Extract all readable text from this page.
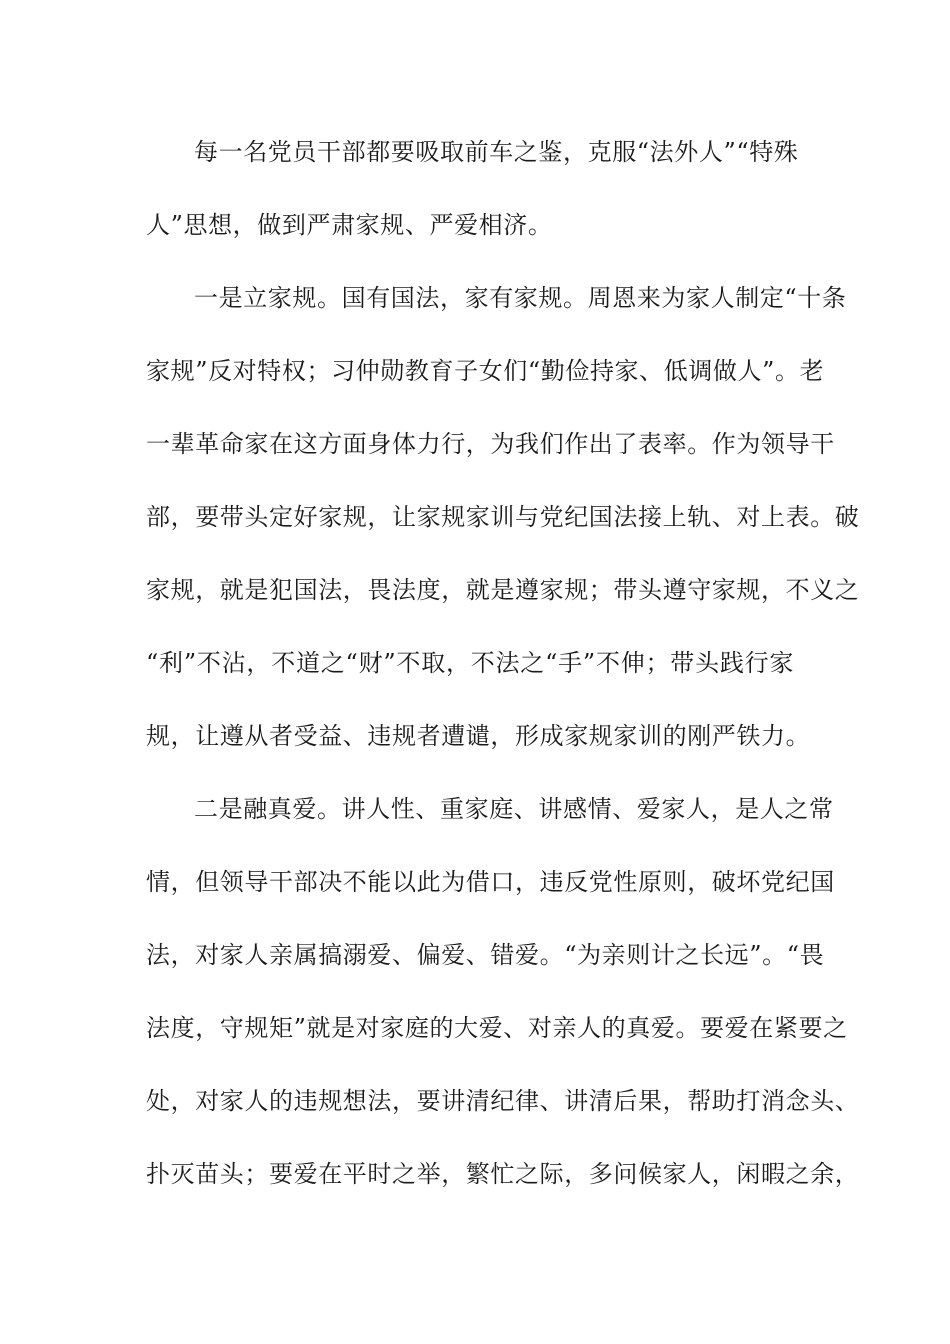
每一名党员干部都要吸取前车之鉴，克服“法外人”“特殊
人”思想，做到严肃家规、严爱相济。
一是立家规。国有国法，家有家规。周恩来为家人制定“十条
家规”反对特权；习仲勋教育子女们“勤俭持家、低调做人”。老
一辈革命家在这方面身体力行，为我们作出了表率。作为领导干
部，要带头定好家规，让家规家训与党纪国法接上轨、对上表。破
家规，就是犯国法，畏法度，就是遵家规；带头遵守家规，不义之
“利”不沾，不道之“财”不取，不法之“手”不伸；带头践行家
规，让遵从者受益、违规者遭谴，形成家规家训的刚严铁力。
二是融真爱。讲人性、重家庭、讲感情、爱家人，是人之常
情，但领导干部决不能以此为借口，违反党性原则，破坏党纪国
法，对家人亲属搞溺爱、偏爱、错爱。“为亲则计之长远”。“畏
法度，守规矩”就是对家庭的大爱、对亲人的真爱。要爱在紧要之
处，对家人的违规想法，要讲清纪律、讲清后果，帮助打消念头、
扑灭苗头；要爱在平时之举，繁忙之际，多问候家人，闲暇之余，
